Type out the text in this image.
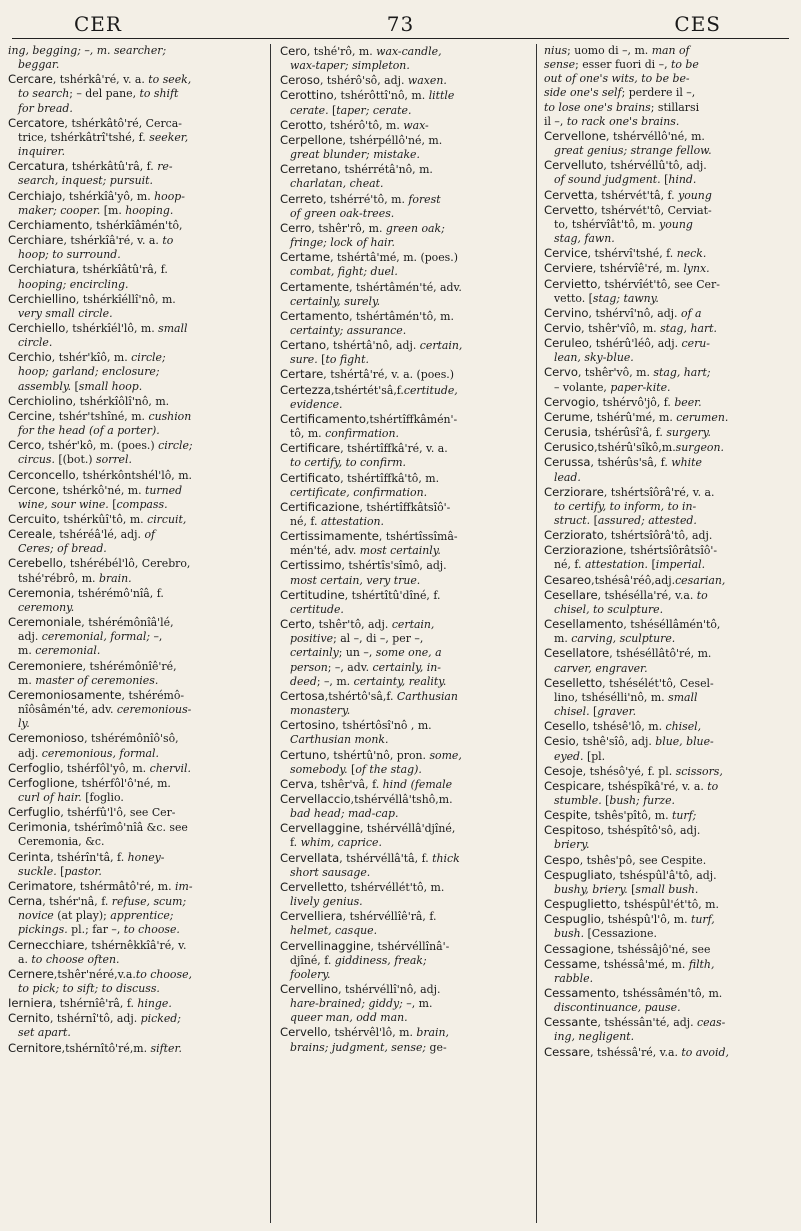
CER	73	CES
ing, begging; –, m. searcher;
beggar.
Cercare, tshérkâ'ré, v. a. to seek,
to search; – del pane, to shift
for bread.
Cercatore, tshérkâtô'ré, Cerca-
trice, tshérkâtrî'tshé, f. seeker,
inquirer.
Cercatura, tshérkâtû'râ, f. re-
search, inquest; pursuit.
Cerchiajo, tshérkîâ'yô, m. hoop-
maker; cooper. [m. hooping.
Cerchiamento, tshérkîâmén'tô,
Cerchiare, tshérkîâ'ré, v. a. to
hoop; to surround.
Cerchiatura, tshérkîâtû'râ, f.
hooping; encircling.
Cerchiellino, tshérkîéllî'nô, m.
very small circle.
Cerchiello, tshérkîél'lô, m. small
circle.
Cerchio, tshér'kîô, m. circle;
hoop; garland; enclosure;
assembly. [small hoop.
Cerchiolino, tshérkîôlî'nô, m.
Cercine, tshér'tshîné, m. cushion
for the head (of a porter).
Cerco, tshér'kô, m. (poes.) circle;
circus. [(bot.) sorrel.
Cerconcello, tshérkôntshél'lô, m.
Cercone, tshérkô'né, m. turned
wine, sour wine. [compass.
Cercuito, tshérkûî'tô, m. circuit,
Cereale, tshéréâ'lé, adj. of
Ceres; of bread.
Cerebello, tshérébél'lô, Cerebro,
tshé'rébrô, m. brain.
Ceremonia, tshérémô'nîâ, f.
ceremony.
Ceremoniale, tshérémônîâ'lé,
adj. ceremonial, formal; –,
m. ceremonial.
Ceremoniere, tshérémônîê'ré,
m. master of ceremonies.
Ceremoniosamente, tshérémô-
nîôsâmén'té, adv. ceremonious-
ly.
Ceremonioso, tshérémônîô'sô,
adj. ceremonious, formal.
Cerfoglio, tshérfôl'yô, m. chervil.
Cerfoglione, tshérfôl'ô'né, m.
curl of hair. [foglio.
Cerfuglio, tshérfû'l'ô, see Cer-
Cerimonia, tshérîmô'nîâ &c. see
Ceremonia, &c.
Cerinta, tshérîn'tâ, f. honey-
suckle. [pastor.
Cerimatore, tshérmâtô'ré, m. im-
Cerna, tshér'nâ, f. refuse, scum;
novice (at play); apprentice;
pickings. pl.; far –, to choose.
Cernecchiare, tshérnêkkîâ'ré, v.
a. to choose often.
Cernere,tshêr'néré,v.a.to choose,
to pick; to sift; to discuss.
Ierniera, tshérnîê'râ, f. hinge.
Cernito, tshérnî'tô, adj. picked;
set apart.
Cernitore,tshérnîtô'ré,m. sifter.
Cero, tshé'rô, m. wax-candle,
wax-taper; simpleton.
Ceroso, tshérô'sô, adj. waxen.
Cerottino, tshérôttî'nô, m. little
cerate. [taper; cerate.
Cerotto, tshérô'tô, m. wax-
Cerpellone, tshérpéllô'né, m.
great blunder; mistake.
Cerretano, tshérrétâ'nô, m.
charlatan, cheat.
Cerreto, tshérré'tô, m. forest
of green oak-trees.
Cerro, tshêr'rô, m. green oak;
fringe; lock of hair.
Certame, tshértâ'mé, m. (poes.)
combat, fight; duel.
Certamente, tshértâmén'té, adv.
certainly, surely.
Certamento, tshértâmén'tô, m.
certainty; assurance.
Certano, tshértâ'nô, adj. certain,
sure. [to fight.
Certare, tshértâ'ré, v. a. (poes.)
Certezza,tshértét'sâ,f.certitude,
evidence.
Certificamento,tshértîffkâmén'-
tô, m. confirmation.
Certificare, tshértîffkâ'ré, v. a.
to certify, to confirm.
Certificato, tshértîffkâ'tô, m.
certificate, confirmation.
Certificazione, tshértîffkâtsîô'-
né, f. attestation.
Certissimamente, tshértîssîmâ-
mén'té, adv. most certainly.
Certissimo, tshértîs'sîmô, adj.
most certain, very true.
Certitudine, tshértîtû'dîné, f.
certitude.
Certo, tshêr'tô, adj. certain,
positive; al –, di –, per –,
certainly; un –, some one, a
person; –, adv. certainly, in-
deed; –, m. certainty, reality.
Certosa,tshértô'sâ,f. Carthusian
monastery.
Certosino, tshértôsî'nô , m.
Carthusian monk.
Certuno, tshértû'nô, pron. some,
somebody. [of the stag).
Cerva, tshêr'vâ, f. hind (female
Cervellaccio,tshérvéllâ'tshô,m.
bad head; mad-cap.
Cervellaggine, tshérvéllâ'djîné,
f. whim, caprice.
Cervellata, tshérvéllâ'tâ, f. thick
short sausage.
Cervelletto, tshérvéllét'tô, m.
lively genius.
Cervelliera, tshérvéllîê'râ, f.
helmet, casque.
Cervellinaggine, tshérvéllînâ'-
djîné, f. giddiness, freak;
foolery.
Cervellino, tshérvéllî'nô, adj.
hare-brained; giddy; –, m.
queer man, odd man.
Cervello, tshérvêl'lô, m. brain,
brains; judgment, sense; ge-
nius; uomo di –, m. man of
sense; esser fuori di –, to be
out of one's wits, to be be-
side one's self; perdere il –,
to lose one's brains; stillarsi
il –, to rack one's brains.
Cervellone, tshérvéllô'né, m.
great genius; strange fellow.
Cervelluto, tshérvéllû'tô, adj.
of sound judgment. [hind.
Cervetta, tshérvét'tâ, f. young
Cervetto, tshérvét'tô, Cerviat-
to, tshérvîât'tô, m. young
stag, fawn.
Cervice, tshérvî'tshé, f. neck.
Cerviere, tshérvîê'ré, m. lynx.
Cervietto, tshérvîét'tô, see Cer-
vetto. [stag; tawny.
Cervino, tshérvî'nô, adj. of a
Cervio, tshêr'vîô, m. stag, hart.
Ceruleo, tshérû'léô, adj. ceru-
lean, sky-blue.
Cervo, tshêr'vô, m. stag, hart;
– volante, paper-kite.
Cervogio, tshérvô'jô, f. beer.
Cerume, tshérû'mé, m. cerumen.
Cerusia, tshérûsî'â, f. surgery.
Cerusico,tshérû'sîkô,m.surgeon.
Cerussa, tshérûs'sâ, f. white
lead.
Cerziorare, tshértsîôrâ'ré, v. a.
to certify, to inform, to in-
struct. [assured; attested.
Cerziorato, tshértsîôrâ'tô, adj.
Cerziorazione, tshértsîôrâtsîô'-
né, f. attestation. [imperial.
Cesareo,tshésâ'réô,adj.cesarian,
Cesellare, tshésélla'ré, v.a. to
chisel, to sculpture.
Cesellamento, tshéséllâmén'tô,
m. carving, sculpture.
Cesellatore, tshéséllâtô'ré, m.
carver, engraver.
Ceselletto, tshésélét'tô, Cesel-
lino, tshésélli'nô, m. small
chisel. [graver.
Cesello, tshésê'lô, m. chisel,
Cesio, tshê'sîô, adj. blue, blue-
eyed. [pl.
Cesoje, tshésô'yé, f. pl. scissors,
Cespicare, tshéspîkâ'ré, v. a. to
stumble. [bush; furze.
Cespite, tshês'pîtô, m. turf;
Cespitoso, tshéspîtô'sô, adj.
briery.
Cespo, tshês'pô, see Cespite.
Cespugliato, tshéspûl'â'tô, adj.
bushy, briery. [small bush.
Cespuglietto, tshéspûl'ét'tô, m.
Cespuglio, tshéspû'l'ô, m. turf,
bush. [Cessazione.
Cessagione, tshéssâjô'né, see
Cessame, tshéssâ'mé, m. filth,
rabble.
Cessamento, tshéssâmén'tô, m.
discontinuance, pause.
Cessante, tshéssân'té, adj. ceas-
ing, negligent.
Cessare, tshéssâ'ré, v.a. to avoid,
